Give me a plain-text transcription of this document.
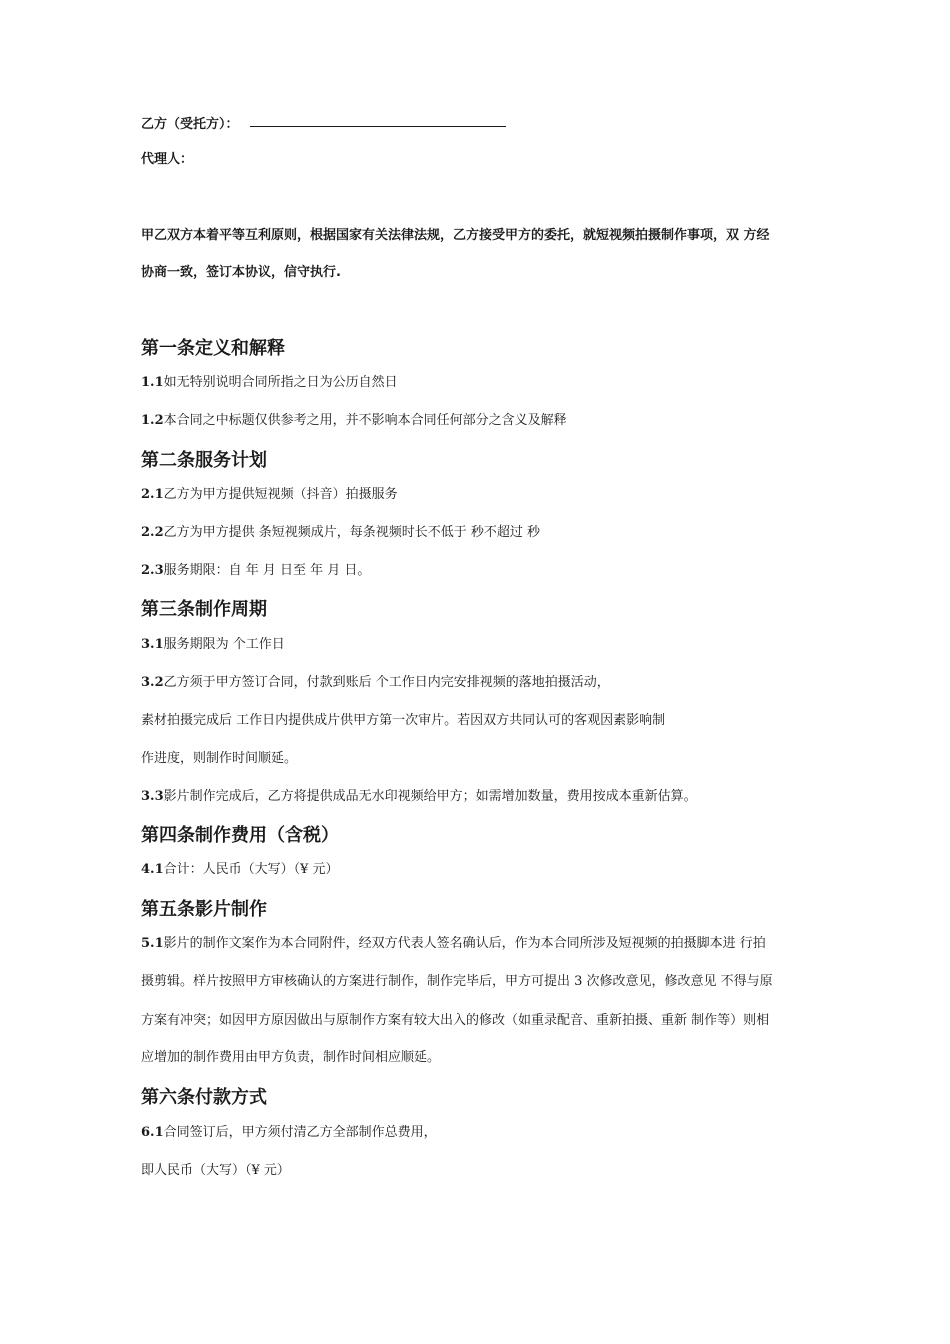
乙方（受托方）：
代理人：
甲乙双方本着平等互利原则，根据国家有关法律法规，乙方接受甲方的委托，就短视频拍摄制作事项，双 方经
协商一致，签订本协议，信守执行.
第一条定义和解释
1.1如无特别说明合同所指之日为公历自然日
1.2本合同之中标题仅供参考之用，并不影响本合同任何部分之含义及解释
第二条服务计划
2.1乙方为甲方提供短视频（抖音）拍摄服务
2.2乙方为甲方提供 条短视频成片，每条视频时长不低于 秒不超过 秒
2.3服务期限：自 年 月 日至 年 月 日。
第三条制作周期
3.1服务期限为 个工作日
3.2乙方须于甲方签订合同，付款到账后 个工作日内完安排视频的落地拍摄活动，
素材拍摄完成后 工作日内提供成片供甲方第一次审片。若因双方共同认可的客观因素影响制
作进度，则制作时间顺延。
3.3影片制作完成后，乙方将提供成品无水印视频给甲方；如需增加数量，费用按成本重新估算。
第四条制作费用（含税）
4.1合计：人民币（大写）（¥ 元）
第五条影片制作
5.1影片的制作文案作为本合同附件，经双方代表人签名确认后，作为本合同所涉及短视频的拍摄脚本进 行拍
摄剪辑。样片按照甲方审核确认的方案进行制作，制作完毕后，甲方可提出 3 次修改意见，修改意见 不得与原
方案有冲突；如因甲方原因做出与原制作方案有较大出入的修改（如重录配音、重新拍摄、重新 制作等）则相
应增加的制作费用由甲方负责，制作时间相应顺延。
第六条付款方式
6.1合同签订后，甲方须付清乙方全部制作总费用，
即人民币（大写）（¥ 元）
